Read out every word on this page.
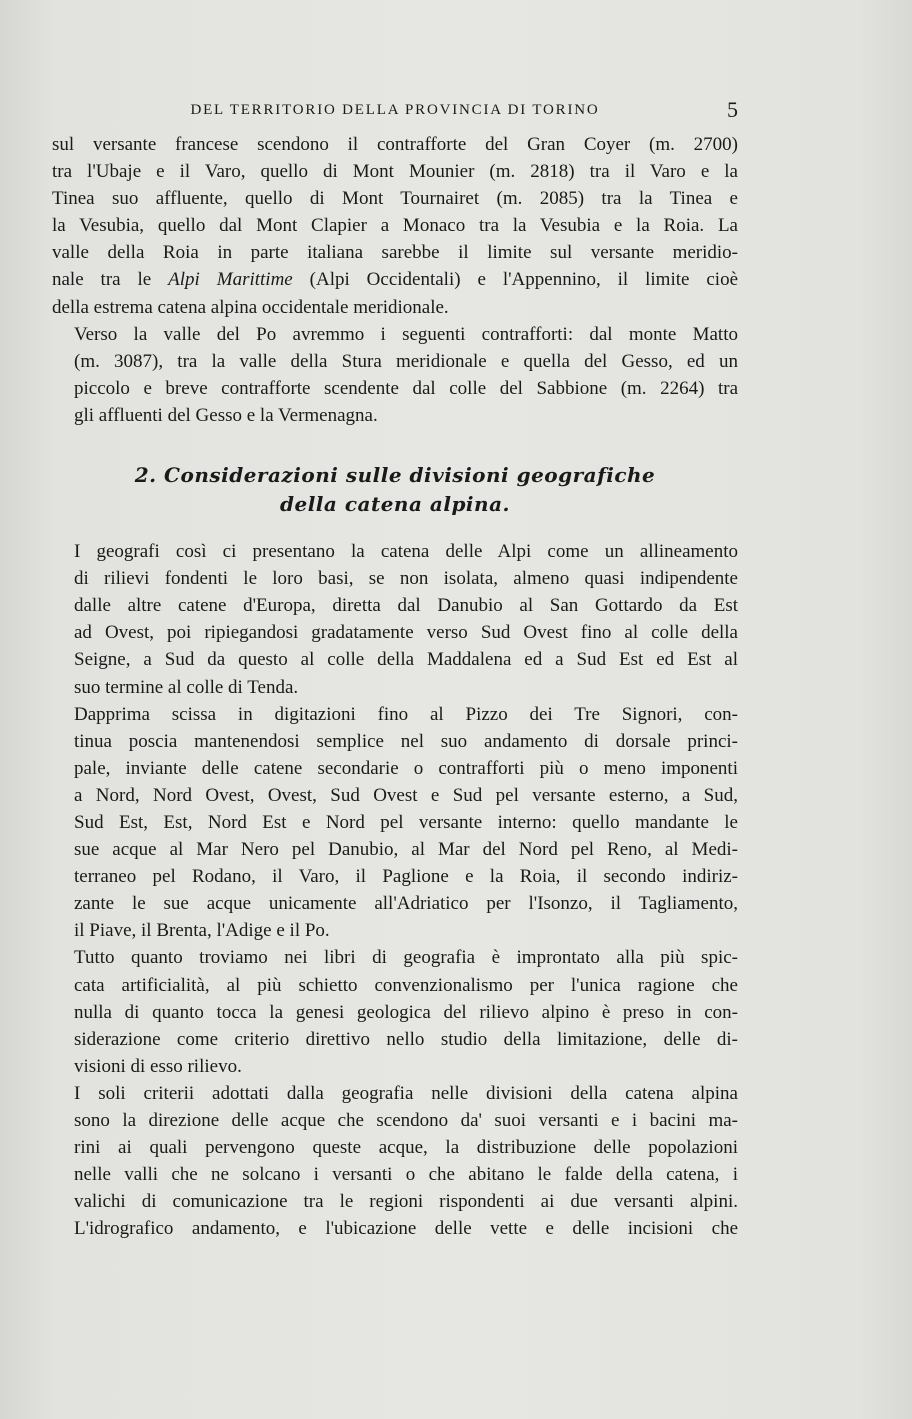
DEL TERRITORIO DELLA PROVINCIA DI TORINO	5

sul versante francese scendono il contrafforte del Gran Coyer (m. 2700)
tra l'Ubaje e il Varo, quello di Mont Mounier (m. 2818) tra il Varo e la
Tinea suo affluente, quello di Mont Tournairet (m. 2085) tra la Tinea e
la Vesubia, quello dal Mont Clapier a Monaco tra la Vesubia e la Roia. La
valle della Roia in parte italiana sarebbe il limite sul versante meridio-
nale tra le Alpi Marittime (Alpi Occidentali) e l'Appennino, il limite cioè
della estrema catena alpina occidentale meridionale.

Verso la valle del Po avremmo i seguenti contrafforti: dal monte Matto
(m. 3087), tra la valle della Stura meridionale e quella del Gesso, ed un
piccolo e breve contrafforte scendente dal colle del Sabbione (m. 2264) tra
gli affluenti del Gesso e la Vermenagna.

2. Considerazioni sulle divisioni geografiche
della catena alpina.

I geografi così ci presentano la catena delle Alpi come un allineamento
di rilievi fondenti le loro basi, se non isolata, almeno quasi indipendente
dalle altre catene d'Europa, diretta dal Danubio al San Gottardo da Est
ad Ovest, poi ripiegandosi gradatamente verso Sud Ovest fino al colle della
Seigne, a Sud da questo al colle della Maddalena ed a Sud Est ed Est al
suo termine al colle di Tenda.

Dapprima scissa in digitazioni fino al Pizzo dei Tre Signori, con-
tinua poscia mantenendosi semplice nel suo andamento di dorsale princi-
pale, inviante delle catene secondarie o contrafforti più o meno imponenti
a Nord, Nord Ovest, Ovest, Sud Ovest e Sud pel versante esterno, a Sud,
Sud Est, Est, Nord Est e Nord pel versante interno: quello mandante le
sue acque al Mar Nero pel Danubio, al Mar del Nord pel Reno, al Medi-
terraneo pel Rodano, il Varo, il Paglione e la Roia, il secondo indiriz-
zante le sue acque unicamente all'Adriatico per l'Isonzo, il Tagliamento,
il Piave, il Brenta, l'Adige e il Po.

Tutto quanto troviamo nei libri di geografia è improntato alla più spic-
cata artificialità, al più schietto convenzionalismo per l'unica ragione che
nulla di quanto tocca la genesi geologica del rilievo alpino è preso in con-
siderazione come criterio direttivo nello studio della limitazione, delle di-
visioni di esso rilievo.

I soli criterii adottati dalla geografia nelle divisioni della catena alpina
sono la direzione delle acque che scendono da' suoi versanti e i bacini ma-
rini ai quali pervengono queste acque, la distribuzione delle popolazioni
nelle valli che ne solcano i versanti o che abitano le falde della catena, i
valichi di comunicazione tra le regioni rispondenti ai due versanti alpini.
L'idrografico andamento, e l'ubicazione delle vette e delle incisioni che
